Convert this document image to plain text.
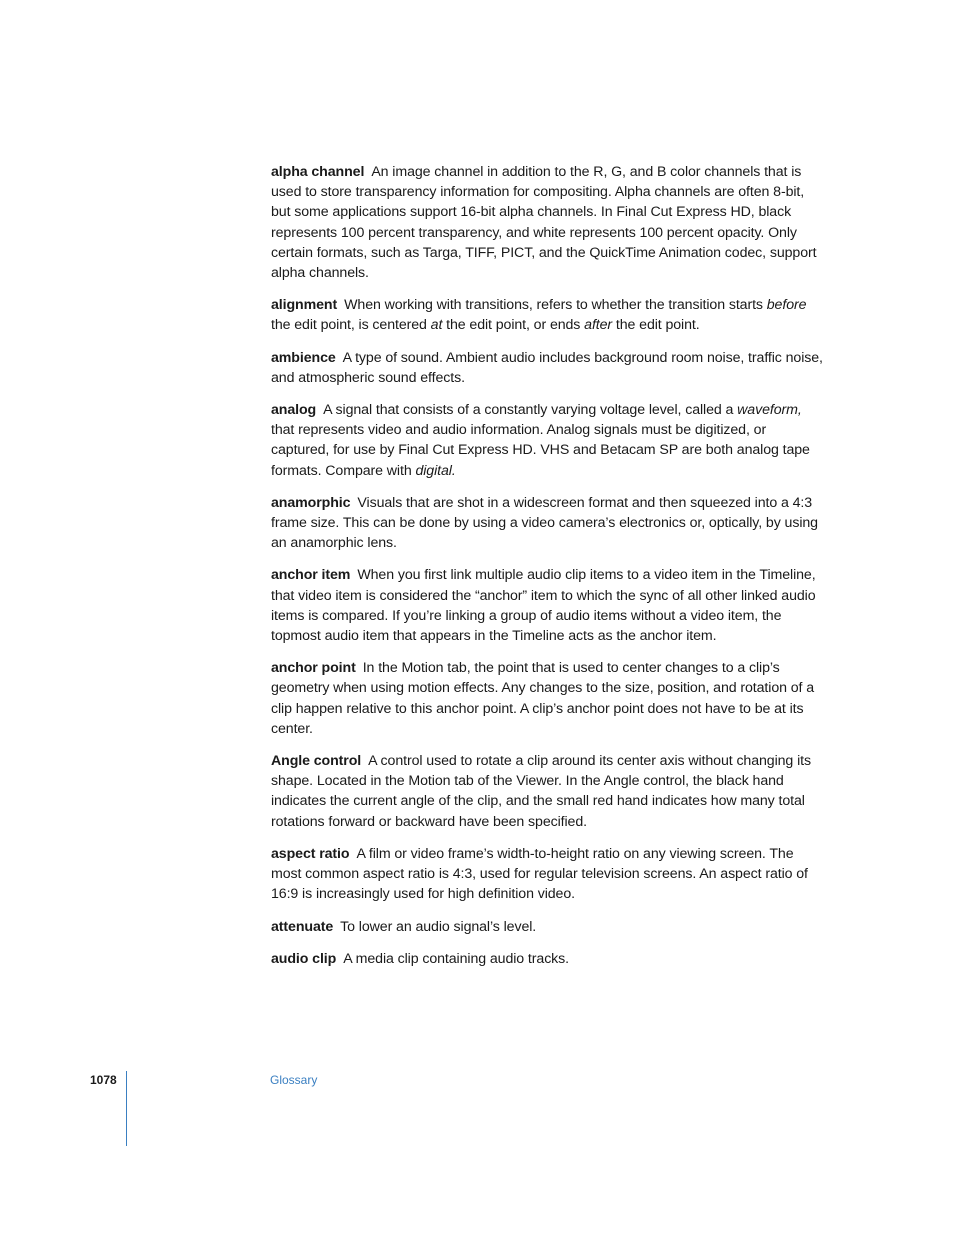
alpha channel An image channel in addition to the R, G, and B color channels that is used to store transparency information for compositing. Alpha channels are often 8-bit, but some applications support 16-bit alpha channels. In Final Cut Express HD, black represents 100 percent transparency, and white represents 100 percent opacity. Only certain formats, such as Targa, TIFF, PICT, and the QuickTime Animation codec, support alpha channels.

alignment When working with transitions, refers to whether the transition starts before the edit point, is centered at the edit point, or ends after the edit point.

ambience A type of sound. Ambient audio includes background room noise, traffic noise, and atmospheric sound effects.

analog A signal that consists of a constantly varying voltage level, called a waveform, that represents video and audio information. Analog signals must be digitized, or captured, for use by Final Cut Express HD. VHS and Betacam SP are both analog tape formats. Compare with digital.

anamorphic Visuals that are shot in a widescreen format and then squeezed into a 4:3 frame size. This can be done by using a video camera’s electronics or, optically, by using an anamorphic lens.

anchor item When you first link multiple audio clip items to a video item in the Timeline, that video item is considered the “anchor” item to which the sync of all other linked audio items is compared. If you’re linking a group of audio items without a video item, the topmost audio item that appears in the Timeline acts as the anchor item.

anchor point In the Motion tab, the point that is used to center changes to a clip’s geometry when using motion effects. Any changes to the size, position, and rotation of a clip happen relative to this anchor point. A clip’s anchor point does not have to be at its center.

Angle control A control used to rotate a clip around its center axis without changing its shape. Located in the Motion tab of the Viewer. In the Angle control, the black hand indicates the current angle of the clip, and the small red hand indicates how many total rotations forward or backward have been specified.

aspect ratio A film or video frame’s width-to-height ratio on any viewing screen. The most common aspect ratio is 4:3, used for regular television screens. An aspect ratio of 16:9 is increasingly used for high definition video.

attenuate To lower an audio signal’s level.

audio clip A media clip containing audio tracks.

1078	Glossary
